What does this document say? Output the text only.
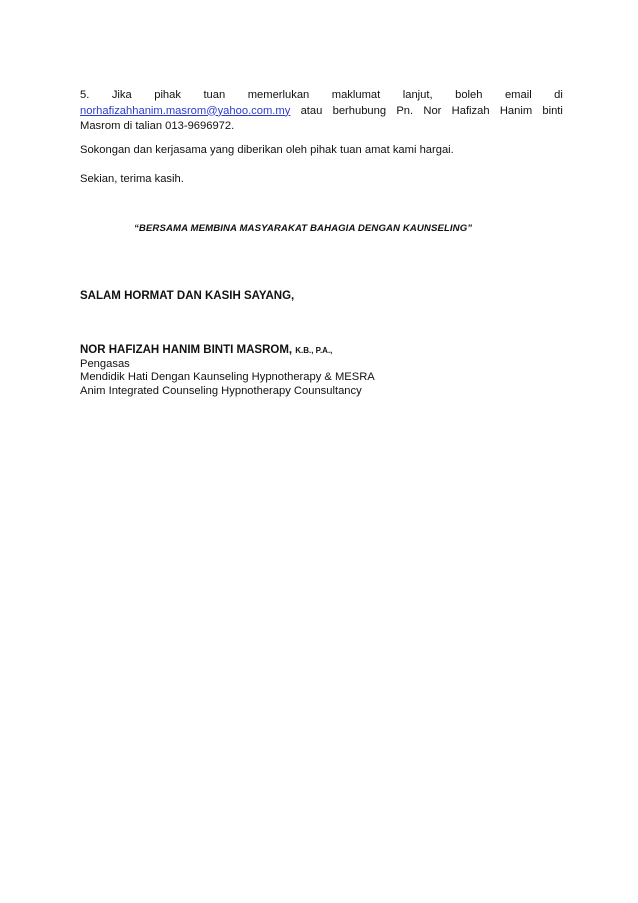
5. Jika pihak tuan memerlukan maklumat lanjut, boleh email di
norhafizahhanim.masrom@yahoo.com.my atau berhubung Pn. Nor Hafizah Hanim binti
Masrom di talian 013-9696972.
Sokongan dan kerjasama yang diberikan oleh pihak tuan amat kami hargai.
Sekian, terima kasih.
“BERSAMA MEMBINA MASYARAKAT BAHAGIA DENGAN KAUNSELING”
SALAM HORMAT DAN KASIH SAYANG,
NOR HAFIZAH HANIM BINTI MASROM, K.B., P.A.,
Pengasas
Mendidik Hati Dengan Kaunseling Hypnotherapy & MESRA
Anim Integrated Counseling Hypnotherapy Counsultancy
